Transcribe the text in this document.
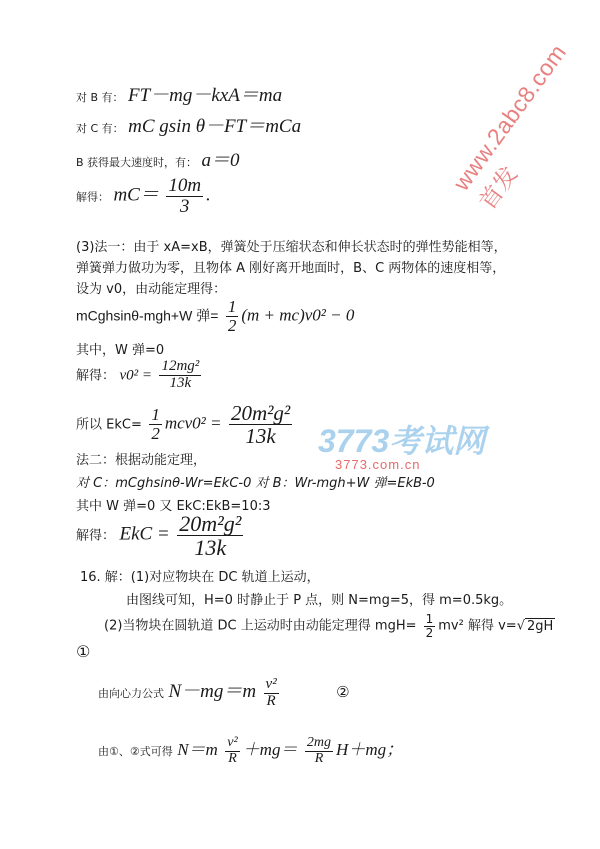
www.2abc8.com首发
3773考试网
3773.com.cn
对 B 有： FT－mg－kxA＝ma
对 C 有： mC gsin θ－FT＝mCa
B 获得最大速度时，有： a＝0
解得： $mC= \frac{10m}{3}$ .
(3)法一：由于 xA=xB，弹簧处于压缩状态和伸长状态时的弹性势能相等，
弹簧弹力做功为零，且物体 A 刚好离开地面时，B、C 两物体的速度相等，
设为 v0，由动能定理得：
mCghsinθ-mgh+W 弹= $\frac{1}{2} (m + mc)v0^2 - 0$
其中，W 弹=0
解得： $v0^2 = \frac{\text{12mg²}}{13k}$
所以 $EkC= \frac{1}{2} mcv0^2 = \frac{\text{20m²g²}}{13k}$
法二：根据动能定理，
对 C：mCghsinθ-Wr=EkC-0 对 B：Wr-mgh+W 弹=EkB-0
其中 W 弹=0 又 EkC:EkB=10:3
解得： EkC = $\frac{\text{20m²g²}}{13k}$
16. 解：(1)对应物块在 DC 轨道上运动，
由图线可知，H=0 时静止于 P 点，则 N=mg=5，得 m=0.5kg。
(2)当物块在圆轨道 DC 上运动时由动能定理得 $mgH= \frac{1}{2} mv^2$ 解得 v=√ 2gH
①
由向心力公式 $N-mg=m \frac{\text{v²}}{R}$	②
由①、②式可得 $N=m \frac{\text{v²}}{R} +mg= \frac{2mg}{R} H+mg$；
